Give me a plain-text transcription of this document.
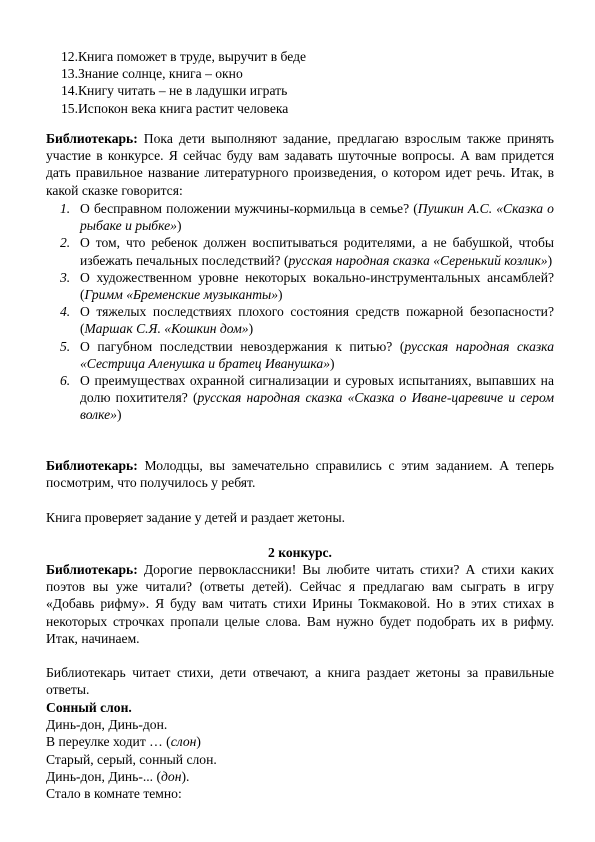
12.Книга поможет в труде, выручит в беде
13.Знание солнце, книга – окно
14.Книгу читать – не в ладушки играть
15.Испокон века книга растит человека

Библиотекарь: Пока дети выполняют задание, предлагаю взрослым также принять участие в конкурсе. Я сейчас буду вам задавать шуточные вопросы. А вам придется дать правильное название литературного произведения, о котором идет речь. Итак, в какой сказке говорится:

1. О бесправном положении мужчины-кормильца в семье? (Пушкин А.С. «Сказка о рыбаке и рыбке»)
2. О том, что ребенок должен воспитываться родителями, а не бабушкой, чтобы избежать печальных последствий? (русская народная сказка «Серенький козлик»)
3. О художественном уровне некоторых вокально-инструментальных ансамблей? (Гримм «Бременские музыканты»)
4. О тяжелых последствиях плохого состояния средств пожарной безопасности? (Маршак С.Я. «Кошкин дом»)
5. О пагубном последствии невоздержания к питью? (русская народная сказка «Сестрица Аленушка и братец Иванушка»)
6. О преимуществах охранной сигнализации и суровых испытаниях, выпавших на долю похитителя? (русская народная сказка «Сказка о Иване-царевиче и сером волке»)

Библиотекарь: Молодцы, вы замечательно справились с этим заданием. А теперь посмотрим, что получилось у ребят.

Книга проверяет задание у детей и раздает жетоны.

2 конкурс.

Библиотекарь: Дорогие первоклассники! Вы любите читать стихи? А стихи каких поэтов вы уже читали? (ответы детей). Сейчас я предлагаю вам сыграть в игру «Добавь рифму». Я буду вам читать стихи Ирины Токмаковой. Но в этих стихах в некоторых строчках пропали целые слова. Вам нужно будет подобрать их в рифму. Итак, начинаем.

Библиотекарь читает стихи, дети отвечают, а книга раздает жетоны за правильные ответы.

Сонный слон.
Динь-дон, Динь-дон.
В переулке ходит … (слон)
Старый, серый, сонный слон.
Динь-дон, Динь-... (дон).
Стало в комнате темно:
